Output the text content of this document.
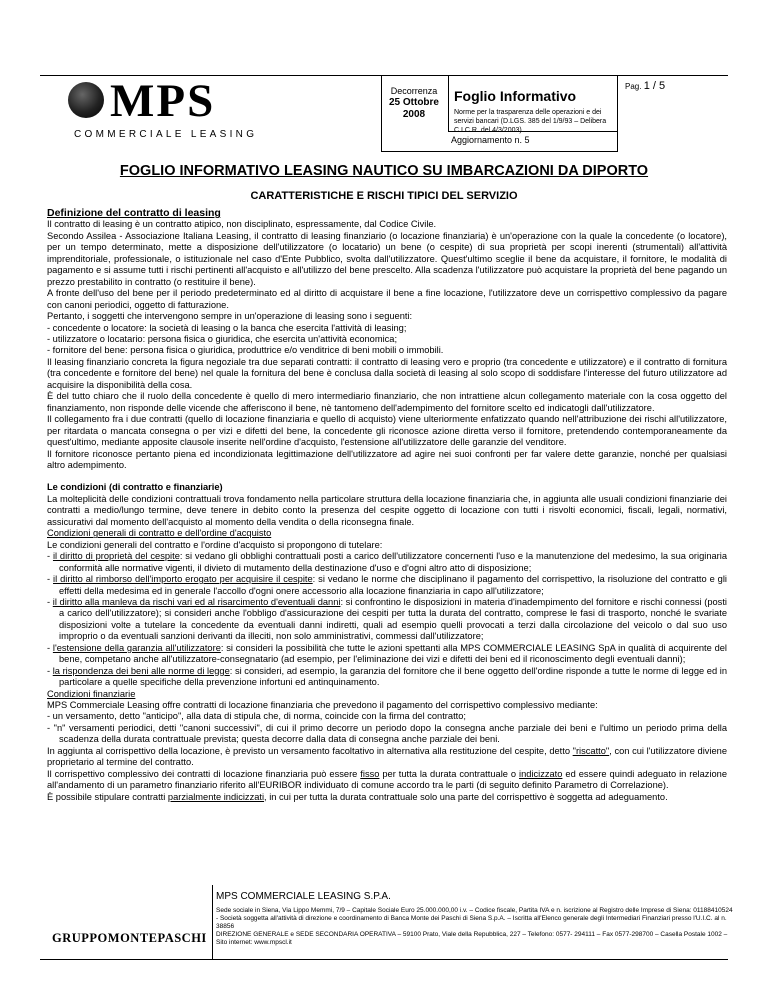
MPS
COMMERCIALE LEASING
Decorrenza
25 Ottobre
2008
Foglio Informativo
Norme per la trasparenza delle operazioni e dei servizi bancari (D.LGS. 385 del 1/9/93 – Delibera C.I.C.R. del 4/3/2003)
Aggiornamento n. 5
Pag. 1 / 5
FOGLIO INFORMATIVO LEASING NAUTICO SU IMBARCAZIONI DA DIPORTO
CARATTERISTICHE E RISCHI TIPICI DEL SERVIZIO

Definizione del contratto di leasing

Il contratto di leasing è un contratto atipico, non disciplinato, espressamente, dal Codice Civile.

Secondo Assilea - Associazione Italiana Leasing, il contratto di leasing finanziario (o locazione finanziaria) è un'operazione con la quale la concedente (o locatore), per un tempo determinato, mette a disposizione dell'utilizzatore (o locatario) un bene (o cespite) di sua proprietà per scopi inerenti (strumentali) all'attività imprenditoriale, professionale, o istituzionale nel caso d'Ente Pubblico, svolta dall'utilizzatore. Quest'ultimo sceglie il bene da acquistare, il fornitore, le modalità di pagamento e si assume tutti i rischi pertinenti all'acquisto e all'utilizzo del bene prescelto. Alla scadenza l'utilizzatore può acquistare la proprietà del bene pagando un prezzo prestabilito in contratto (o restituire il bene).

A fronte dell'uso del bene per il periodo predeterminato ed al diritto di acquistare il bene a fine locazione, l'utilizzatore deve un corrispettivo complessivo da pagare con canoni periodici, oggetto di fatturazione.

Pertanto, i soggetti che intervengono sempre in un'operazione di leasing sono i seguenti:

- concedente o locatore: la società di leasing o la banca che esercita l'attività di leasing;

- utilizzatore o locatario: persona fisica o giuridica, che esercita un'attività economica;

- fornitore del bene: persona fisica o giuridica, produttrice e/o venditrice di beni mobili o immobili.

Il leasing finanziario concreta la figura negoziale tra due separati contratti: il contratto di leasing vero e proprio (tra concedente e utilizzatore) e il contratto di fornitura (tra concedente e fornitore del bene) nel quale la fornitura del bene è conclusa dalla società di leasing al solo scopo di soddisfare l'interesse del futuro utilizzatore ad acquisire la disponibilità della cosa.

È del tutto chiaro che il ruolo della concedente è quello di mero intermediario finanziario, che non intrattiene alcun collegamento materiale con la cosa oggetto del finanziamento, non risponde delle vicende che afferiscono il bene, nè tantomeno dell'adempimento del fornitore scelto ed indicatogli dall'utilizzatore.

Il collegamento fra i due contratti (quello di locazione finanziaria e quello di acquisto) viene ulteriormente enfatizzato quando nell'attribuzione dei rischi all'utilizzatore, per ritardata o mancata consegna o per vizi e difetti del bene, la concedente gli riconosce azione diretta verso il fornitore, pretendendo contemporaneamente da quest'ultimo, mediante apposite clausole inserite nell'ordine d'acquisto, l'estensione all'utilizzatore delle garanzie del venditore.

Il fornitore riconosce pertanto piena ed incondizionata legittimazione dell'utilizzatore ad agire nei suoi confronti per far valere dette garanzie, nonché per qualsiasi altro adempimento.

Le condizioni (di contratto e finanziarie)

La molteplicità delle condizioni contrattuali trova fondamento nella particolare struttura della locazione finanziaria che, in aggiunta alle usuali condizioni finanziarie dei contratti a medio/lungo termine, deve tenere in debito conto la presenza del cespite oggetto di locazione con tutti i risvolti economici, fiscali, legali, normativi, assicurativi dal momento dell'acquisto al momento della vendita o della riconsegna finale.

Condizioni generali di contratto e dell'ordine d'acquisto

Le condizioni generali del contratto e l'ordine d'acquisto si propongono di tutelare:

- il diritto di proprietà del cespite: si vedano gli obblighi contrattuali posti a carico dell'utilizzatore concernenti l'uso e la manutenzione del medesimo, la sua originaria conformità alle normative vigenti, il divieto di mutamento della destinazione d'uso e d'ogni altro atto di disposizione;

- il diritto al rimborso dell'importo erogato per acquisire il cespite: si vedano le norme che disciplinano il pagamento del corrispettivo, la risoluzione del contratto e gli effetti della medesima ed in generale l'accollo d'ogni onere accessorio alla locazione finanziaria in capo all'utilizzatore;

- il diritto alla manleva da rischi vari ed al risarcimento d'eventuali danni: si confrontino le disposizioni in materia d'inadempimento del fornitore e rischi connessi (posti a carico dell'utilizzatore); si consideri anche l'obbligo d'assicurazione dei cespiti per tutta la durata del contratto, comprese le fasi di trasporto, nonché le svariate disposizioni volte a tutelare la concedente da eventuali danni indiretti, quali ad esempio quelli provocati a terzi dalla circolazione del veicolo o dal suo uso improprio o da eventuali sanzioni derivanti da illeciti, non solo amministrativi, commessi dall'utilizzatore;

- l'estensione della garanzia all'utilizzatore: si consideri la possibilità che tutte le azioni spettanti alla MPS COMMERCIALE LEASING SpA in qualità di acquirente del bene, competano anche all'utilizzatore-consegnatario (ad esempio, per l'eliminazione dei vizi e difetti dei beni ed il riconoscimento degli eventuali danni);

- la rispondenza dei beni alle norme di legge: si consideri, ad esempio, la garanzia del fornitore che il bene oggetto dell'ordine risponde a tutte le norme di legge ed in particolare a quelle specifiche della prevenzione infortuni ed antinquinamento.

Condizioni finanziarie

MPS Commerciale Leasing offre contratti di locazione finanziaria che prevedono il pagamento del corrispettivo complessivo mediante:

- un versamento, detto "anticipo", alla data di stipula che, di norma, coincide con la firma del contratto;

- "n" versamenti periodici, detti "canoni successivi", di cui il primo decorre un periodo dopo la consegna anche parziale dei beni e l'ultimo un periodo prima della scadenza della durata contrattuale prevista; questa decorre dalla data di consegna anche parziale dei beni.

In aggiunta al corrispettivo della locazione, è previsto un versamento facoltativo in alternativa alla restituzione del cespite, detto "riscatto", con cui l'utilizzatore diviene proprietario al termine del contratto.

Il corrispettivo complessivo dei contratti di locazione finanziaria può essere fisso per tutta la durata contrattuale o indicizzato ed essere quindi adeguato in relazione all'andamento di un parametro finanziario riferito all'EURIBOR individuato di comune accordo tra le parti (di seguito definito Parametro di Correlazione).

È possibile stipulare contratti parzialmente indicizzati, in cui per tutta la durata contrattuale solo una parte del corrispettivo è soggetta ad adeguamento.

GRUPPOMONTEPASCHI
MPS COMMERCIALE LEASING S.P.A.
Sede sociale in Siena, Via Lippo Memmi, 7/9 – Capitale Sociale Euro 25.000.000,00 i.v. – Codice fiscale, Partita IVA e n. iscrizione al Registro delle Imprese di Siena: 01188410524 - Società soggetta all'attività di direzione e coordinamento di Banca Monte dei Paschi di Siena S.p.A. – Iscritta all'Elenco generale degli Intermediari Finanziari presso l'U.I.C. al n. 38856
DIREZIONE GENERALE e SEDE SECONDARIA OPERATIVA – 59100 Prato, Viale della Repubblica, 227 – Telefono: 0577- 294111 – Fax 0577-298700 – Casella Postale 1002 – Sito internet: www.mpscl.it
